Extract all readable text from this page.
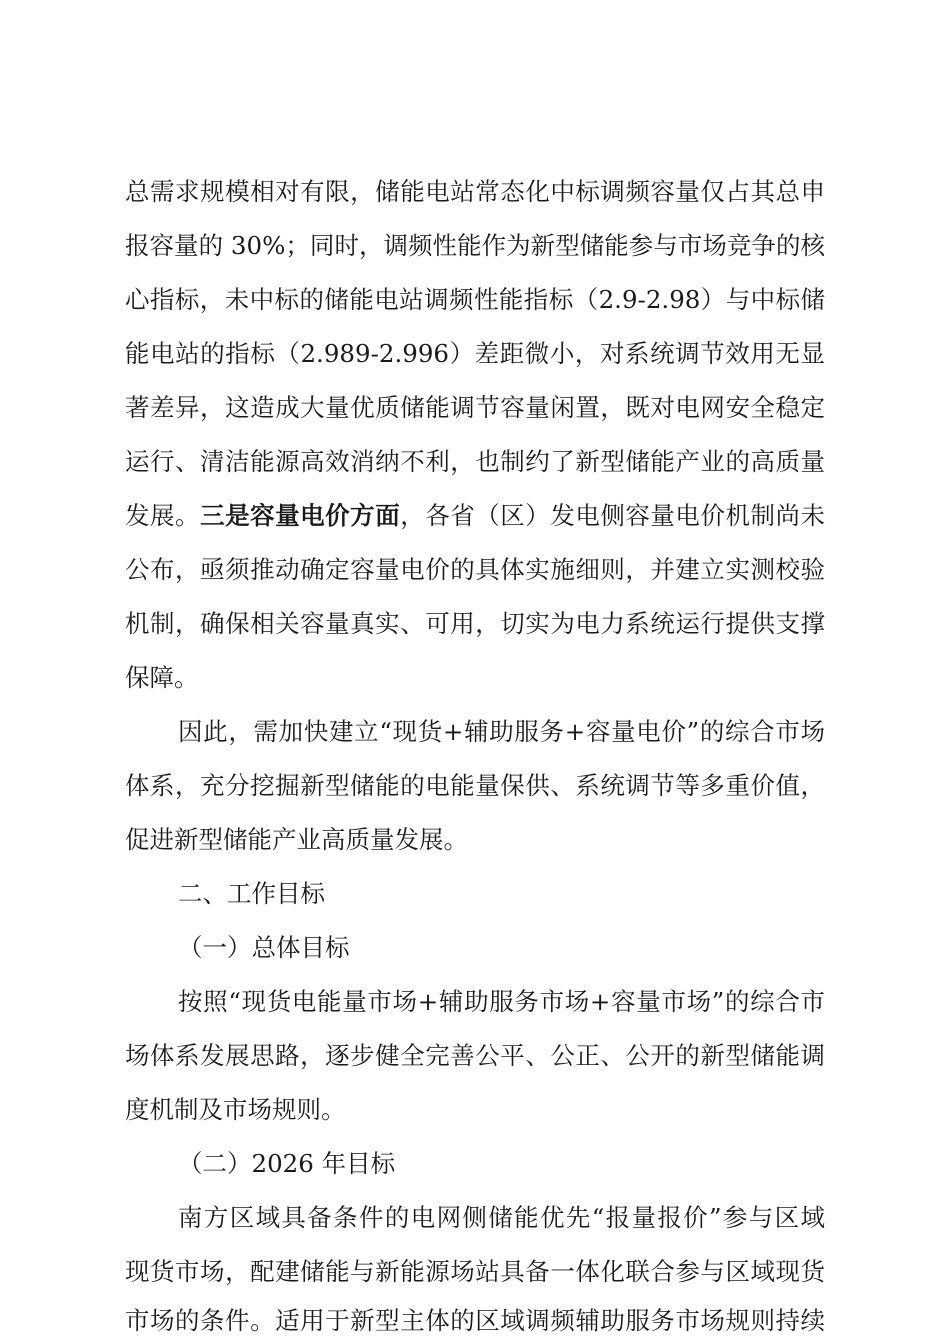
总需求规模相对有限，储能电站常态化中标调频容量仅占其总申
报容量的 30%；同时，调频性能作为新型储能参与市场竞争的核
心指标，未中标的储能电站调频性能指标（2.9-2.98）与中标储
能电站的指标（2.989-2.996）差距微小，对系统调节效用无显
著差异，这造成大量优质储能调节容量闲置，既对电网安全稳定
运行、清洁能源高效消纳不利，也制约了新型储能产业的高质量
发展。三是容量电价方面，各省（区）发电侧容量电价机制尚未
公布，亟须推动确定容量电价的具体实施细则，并建立实测校验
机制，确保相关容量真实、可用，切实为电力系统运行提供支撑
保障。
因此，需加快建立“现货+辅助服务+容量电价”的综合市场
体系，充分挖掘新型储能的电能量保供、系统调节等多重价值，
促进新型储能产业高质量发展。
二、工作目标
（一）总体目标
按照“现货电能量市场+辅助服务市场+容量市场”的综合市
场体系发展思路，逐步健全完善公平、公正、公开的新型储能调
度机制及市场规则。
（二）2026 年目标
南方区域具备条件的电网侧储能优先“报量报价”参与区域
现货市场，配建储能与新能源场站具备一体化联合参与区域现货
市场的条件。适用于新型主体的区域调频辅助服务市场规则持续
